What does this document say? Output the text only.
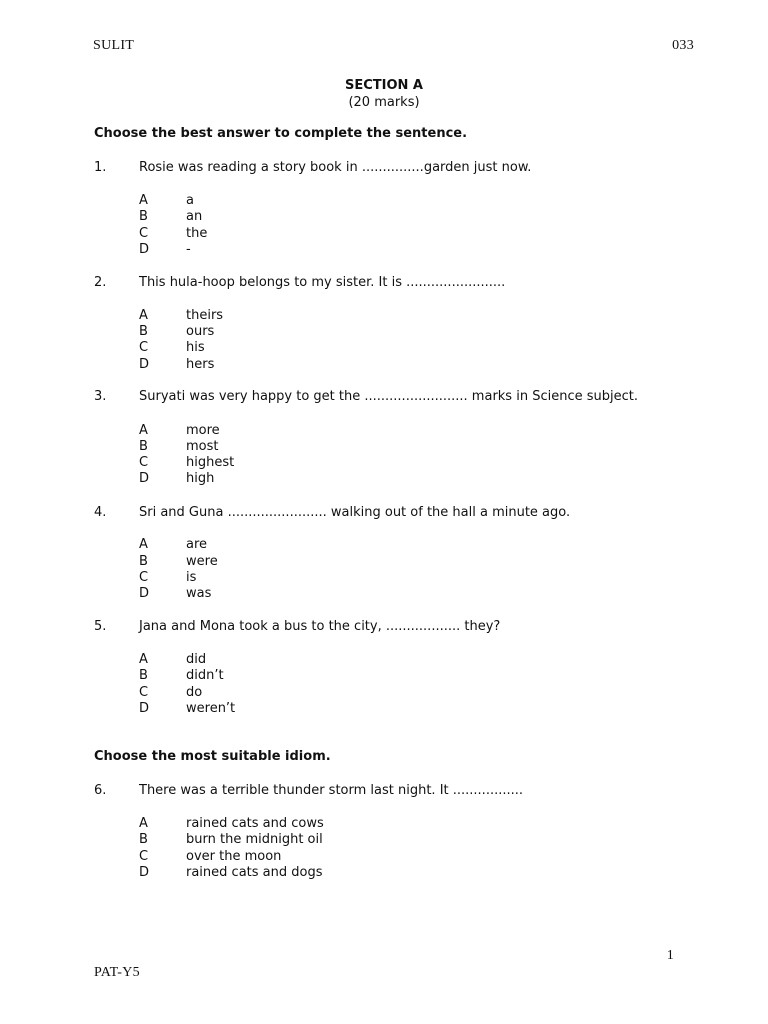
SULIT	033
SECTION A
(20 marks)
Choose the best answer to complete the sentence.
1.	Rosie was reading a story book in ...............garden just now.
A	a
B	an
C	the
D	-
2.	This hula-hoop belongs to my sister. It is ........................
A	theirs
B	ours
C	his
D	hers
3.	Suryati was very happy to get the ......................... marks in Science subject.
A	more
B	most
C	highest
D	high
4.	Sri and Guna ........................ walking out of the hall a minute ago.
A	are
B	were
C	is
D	was
5.	Jana and Mona took a bus to the city, .................. they?
A	did
B	didn’t
C	do
D	weren’t
Choose the most suitable idiom.
6.	There was a terrible thunder storm last night. It .................
A	rained cats and cows
B	burn the midnight oil
C	over the moon
D	rained cats and dogs
1
PAT-Y5
